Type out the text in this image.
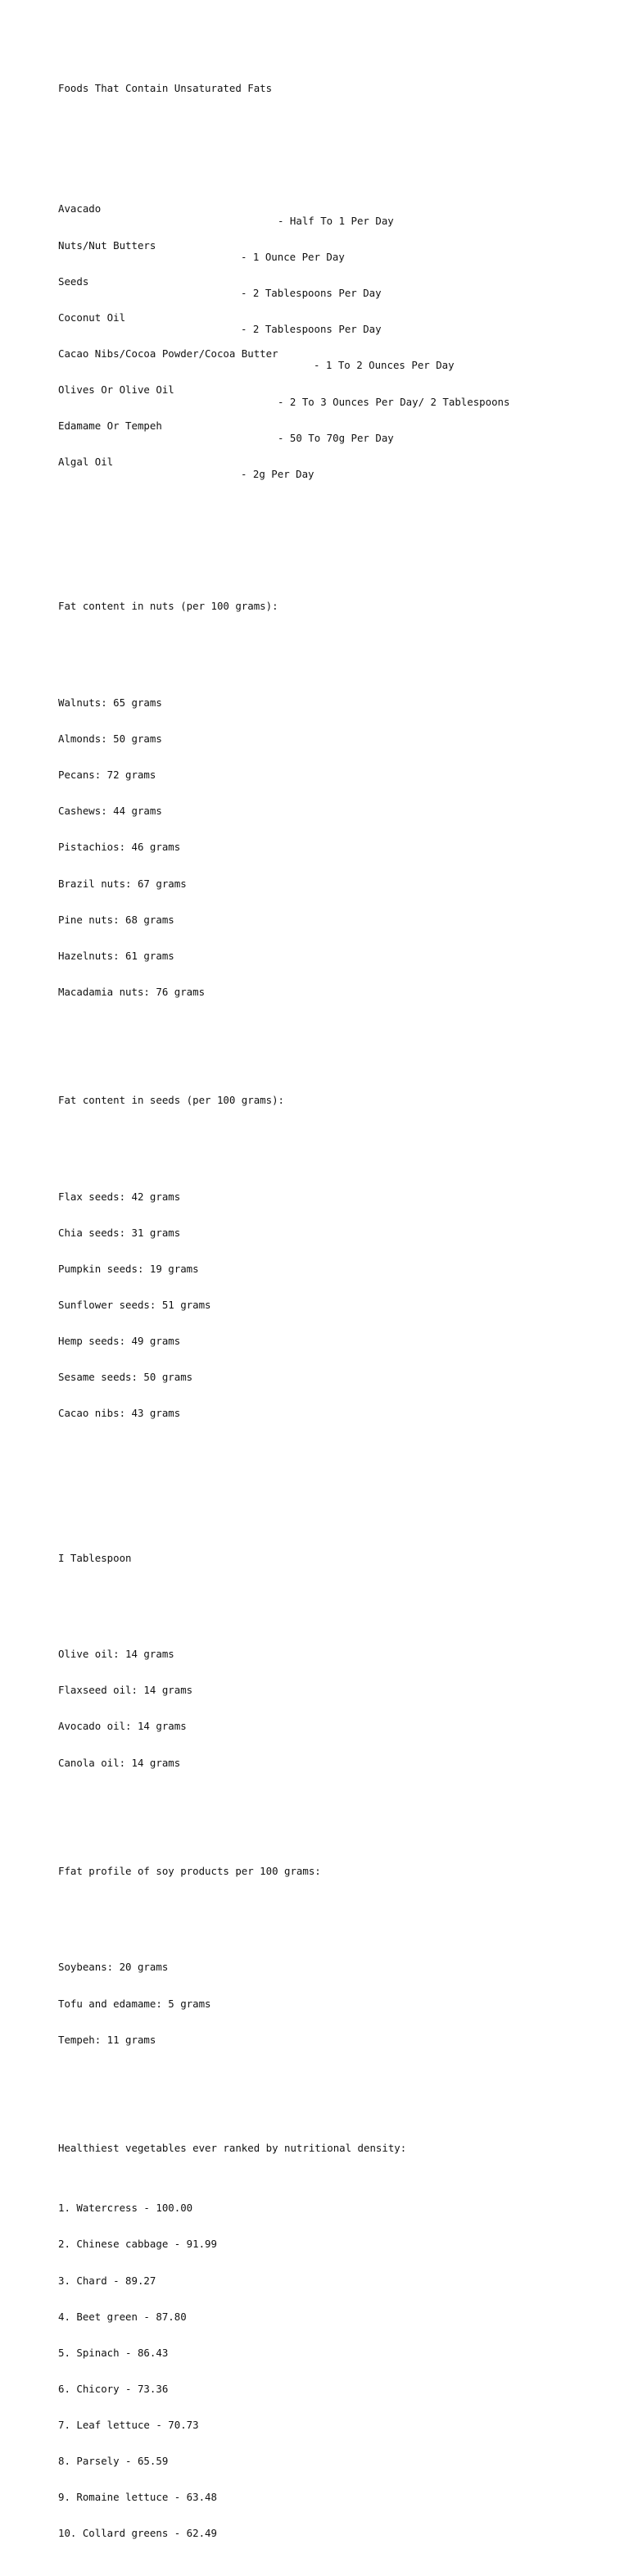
Foods That Contain Unsaturated Fats

Avacado

- Half To 1 Per Day

Nuts/Nut Butters

- 1 Ounce Per Day

Seeds

- 2 Tablespoons Per Day

Coconut Oil

- 2 Tablespoons Per Day

Cacao Nibs/Cocoa Powder/Cocoa Butter

- 1 To 2 Ounces Per Day

Olives Or Olive Oil

- 2 To 3 Ounces Per Day/ 2 Tablespoons

Edamame Or Tempeh

- 50 To 70g Per Day

Algal Oil

- 2g Per Day

Fat content in nuts (per 100 grams):

Walnuts: 65 grams

Almonds: 50 grams

Pecans: 72 grams

Cashews: 44 grams

Pistachios: 46 grams

Brazil nuts: 67 grams

Pine nuts: 68 grams

Hazelnuts: 61 grams

Macadamia nuts: 76 grams

Fat content in seeds (per 100 grams):

Flax seeds: 42 grams

Chia seeds: 31 grams

Pumpkin seeds: 19 grams

Sunflower seeds: 51 grams

Hemp seeds: 49 grams

Sesame seeds: 50 grams

Cacao nibs: 43 grams

I Tablespoon

Olive oil: 14 grams

Flaxseed oil: 14 grams

Avocado oil: 14 grams

Canola oil: 14 grams

Ffat profile of soy products per 100 grams:

Soybeans: 20 grams

Tofu and edamame: 5 grams

Tempeh: 11 grams

Healthiest vegetables ever ranked by nutritional density:

1. Watercress - 100.00

2. Chinese cabbage - 91.99

3. Chard - 89.27

4. Beet green - 87.80

5. Spinach - 86.43

6. Chicory - 73.36

7. Leaf lettuce - 70.73

8. Parsely - 65.59

9. Romaine lettuce - 63.48

10. Collard greens - 62.49
